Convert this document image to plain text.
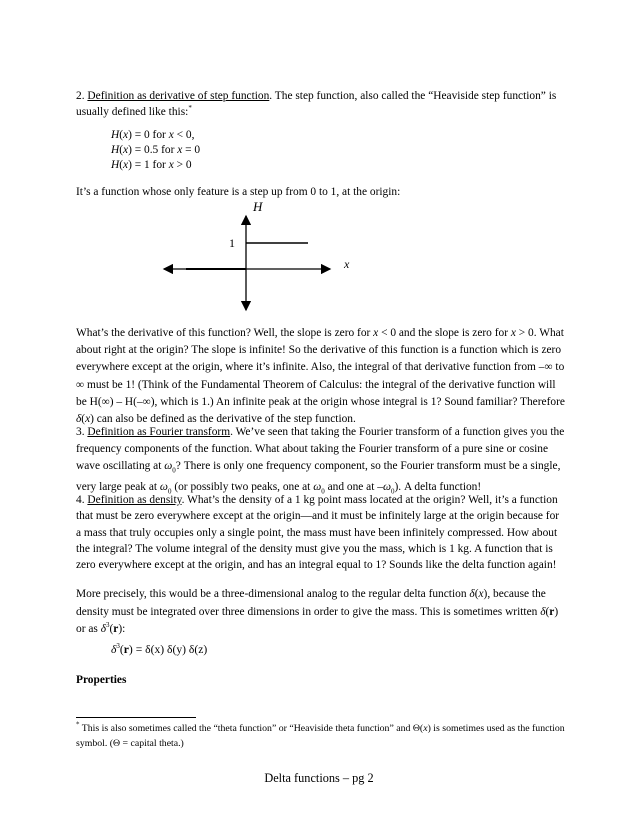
2. Definition as derivative of step function. The step function, also called the “Heaviside step function” is usually defined like this:*
H(x) = 0 for x < 0,
H(x) = 0.5 for x = 0
H(x) = 1 for x > 0
It’s a function whose only feature is a step up from 0 to 1, at the origin:
H
x
1
What’s the derivative of this function? Well, the slope is zero for x < 0 and the slope is zero for x > 0. What about right at the origin? The slope is infinite! So the derivative of this function is a function which is zero everywhere except at the origin, where it’s infinite. Also, the integral of that derivative function from –∞ to ∞ must be 1! (Think of the Fundamental Theorem of Calculus: the integral of the derivative function will be H(∞) – H(–∞), which is 1.) An infinite peak at the origin whose integral is 1? Sound familiar? Therefore δ(x) can also be defined as the derivative of the step function.
3. Definition as Fourier transform. We’ve seen that taking the Fourier transform of a function gives you the frequency components of the function. What about taking the Fourier transform of a pure sine or cosine wave oscillating at $\omega_0$? There is only one frequency component, so the Fourier transform must be a single, very large peak at $\omega_0$ (or possibly two peaks, one at $\omega_0$ and one at $-\omega_0$). A delta function!
4. Definition as density. What’s the density of a 1 kg point mass located at the origin? Well, it’s a function that must be zero everywhere except at the origin—and it must be infinitely large at the origin because for a mass that truly occupies only a single point, the mass must have been infinitely compressed. How about the integral? The volume integral of the density must give you the mass, which is 1 kg. A function that is zero everywhere except at the origin, and has an integral equal to 1? Sounds like the delta function again!
More precisely, this would be a three-dimensional analog to the regular delta function δ(x), because the density must be integrated over three dimensions in order to give the mass. This is sometimes written δ(r) or as $\delta^3(r)$:
$\delta^3(r) = \delta(x)$ δ(y) δ(z)
Properties
* This is also sometimes called the “theta function” or “Heaviside theta function” and Θ(x) is sometimes used as the function symbol. (Θ = capital theta.)
Delta functions – pg 2
